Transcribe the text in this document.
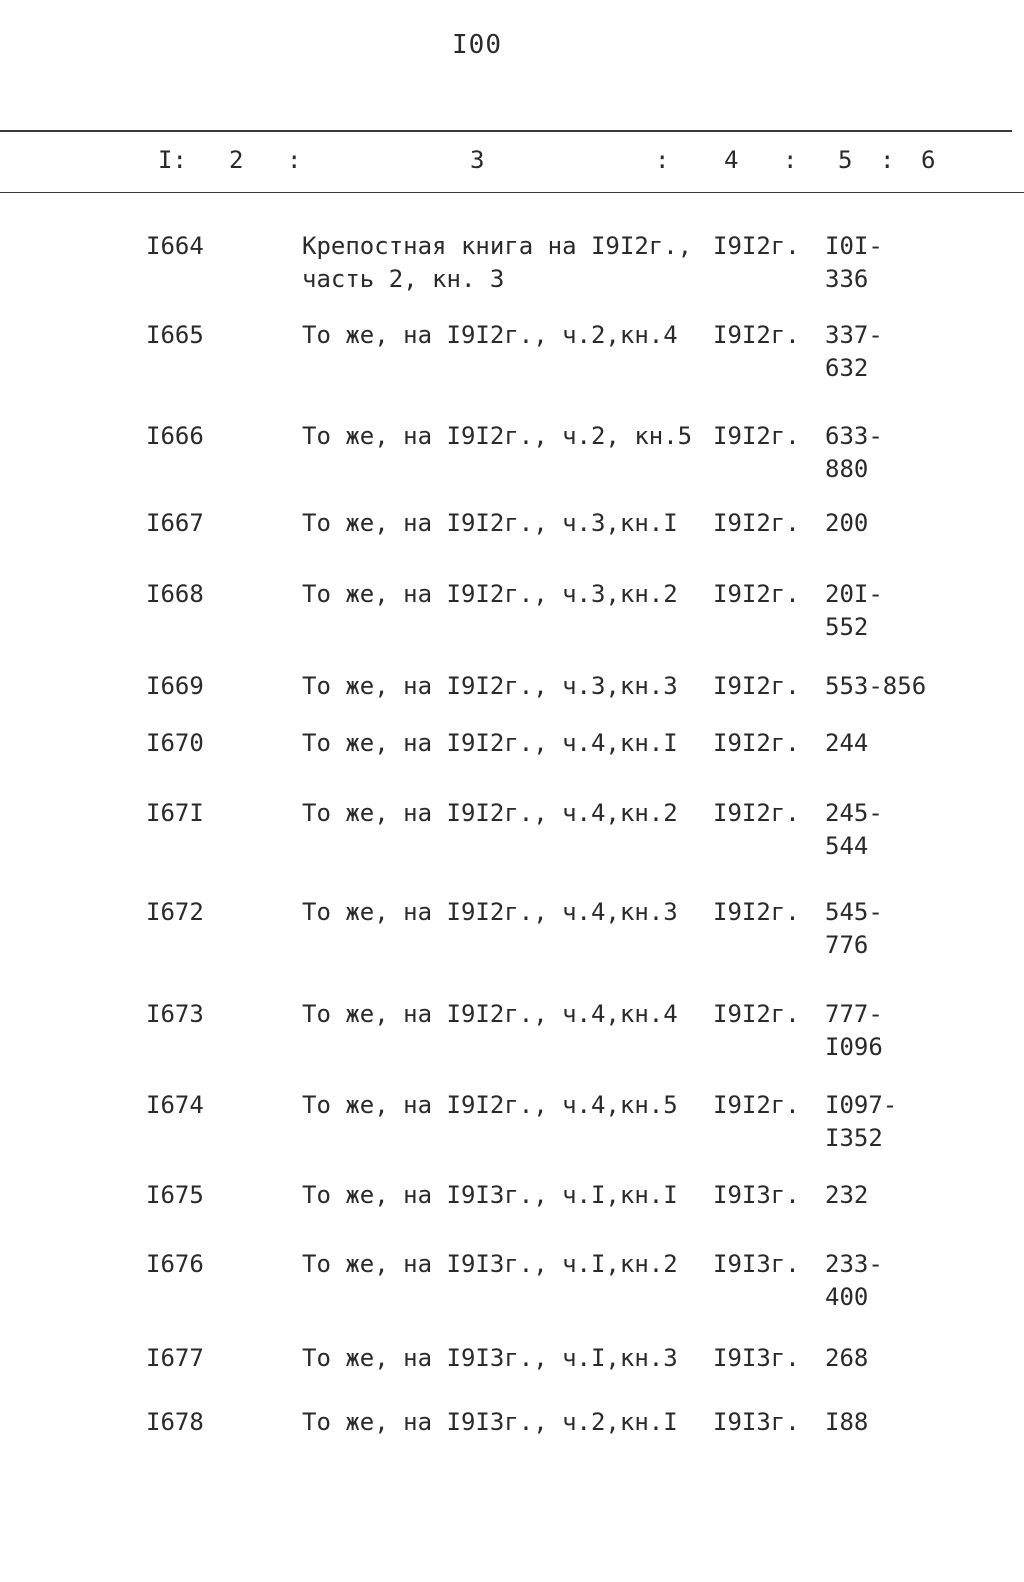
I00
I: 2 :	3	: 4 : 5 : 6
I664	Крепостная книга на I9I2г.,
часть 2, кн. 3
I9I2г. I0I-
336
I665	То же, на I9I2г., ч.2,кн.4 I9I2г. 337-
632
I666	То же, на I9I2г., ч.2, кн.5 I9I2г. 633-
880
I667	То же, на I9I2г., ч.3,кн.I I9I2г. 200
I668	То же, на I9I2г., ч.3,кн.2 I9I2г. 20I-
552
I669	То же, на I9I2г., ч.3,кн.3 I9I2г. 553-856
I670	То же, на I9I2г., ч.4,кн.I I9I2г. 244
I67I	То же, на I9I2г., ч.4,кн.2 I9I2г. 245-
544
I672	То же, на I9I2г., ч.4,кн.3 I9I2г. 545-
776
I673	То же, на I9I2г., ч.4,кн.4 I9I2г. 777-
I096
I674	То же, на I9I2г., ч.4,кн.5 I9I2г. I097-
I352
I675	То же, на I9I3г., ч.I,кн.I I9I3г. 232
I676	То же, на I9I3г., ч.I,кн.2 I9I3г. 233-
400
I677	То же, на I9I3г., ч.I,кн.3 I9I3г. 268
I678	То же, на I9I3г., ч.2,кн.I I9I3г. I88
